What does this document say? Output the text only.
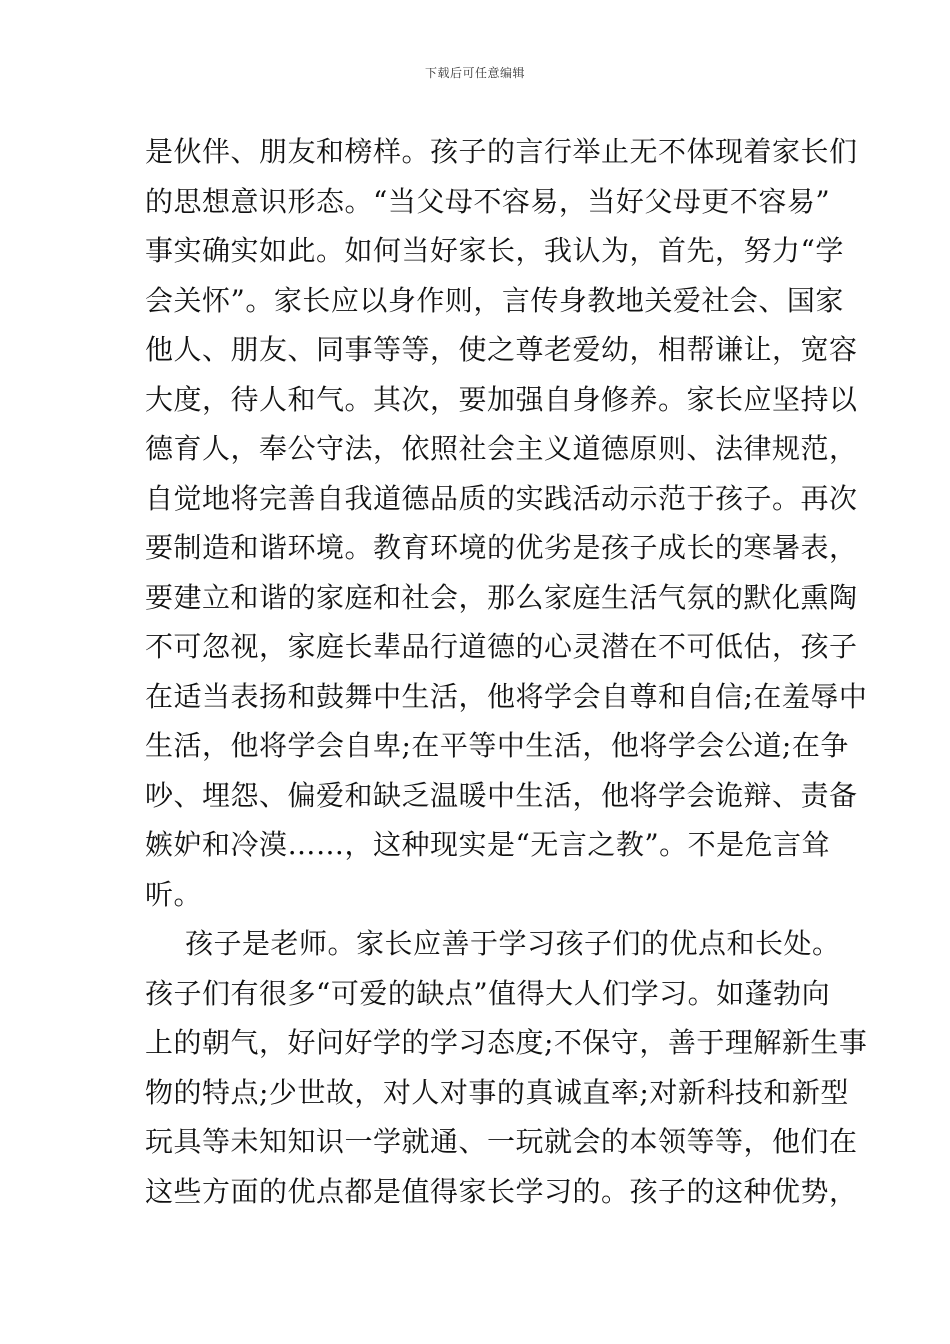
下载后可任意编辑
是伙伴、朋友和榜样。孩子的言行举止无不体现着家长们
的思想意识形态。“当父母不容易，当好父母更不容易”
事实确实如此。如何当好家长，我认为，首先，努力“学
会关怀”。家长应以身作则，言传身教地关爱社会、国家
他人、朋友、同事等等，使之尊老爱幼，相帮谦让，宽容
大度，待人和气。其次，要加强自身修养。家长应坚持以
德育人，奉公守法，依照社会主义道德原则、法律规范，
自觉地将完善自我道德品质的实践活动示范于孩子。再次
要制造和谐环境。教育环境的优劣是孩子成长的寒暑表，
要建立和谐的家庭和社会，那么家庭生活气氛的默化熏陶
不可忽视，家庭长辈品行道德的心灵潜在不可低估，孩子
在适当表扬和鼓舞中生活，他将学会自尊和自信;在羞辱中
生活，他将学会自卑;在平等中生活，他将学会公道;在争
吵、埋怨、偏爱和缺乏温暖中生活，他将学会诡辩、责备
嫉妒和冷漠……，这种现实是“无言之教”。不是危言耸
听。
孩子是老师。家长应善于学习孩子们的优点和长处。
孩子们有很多“可爱的缺点”值得大人们学习。如蓬勃向
上的朝气，好问好学的学习态度;不保守，善于理解新生事
物的特点;少世故，对人对事的真诚直率;对新科技和新型
玩具等未知知识一学就通、一玩就会的本领等等，他们在
这些方面的优点都是值得家长学习的。孩子的这种优势，
